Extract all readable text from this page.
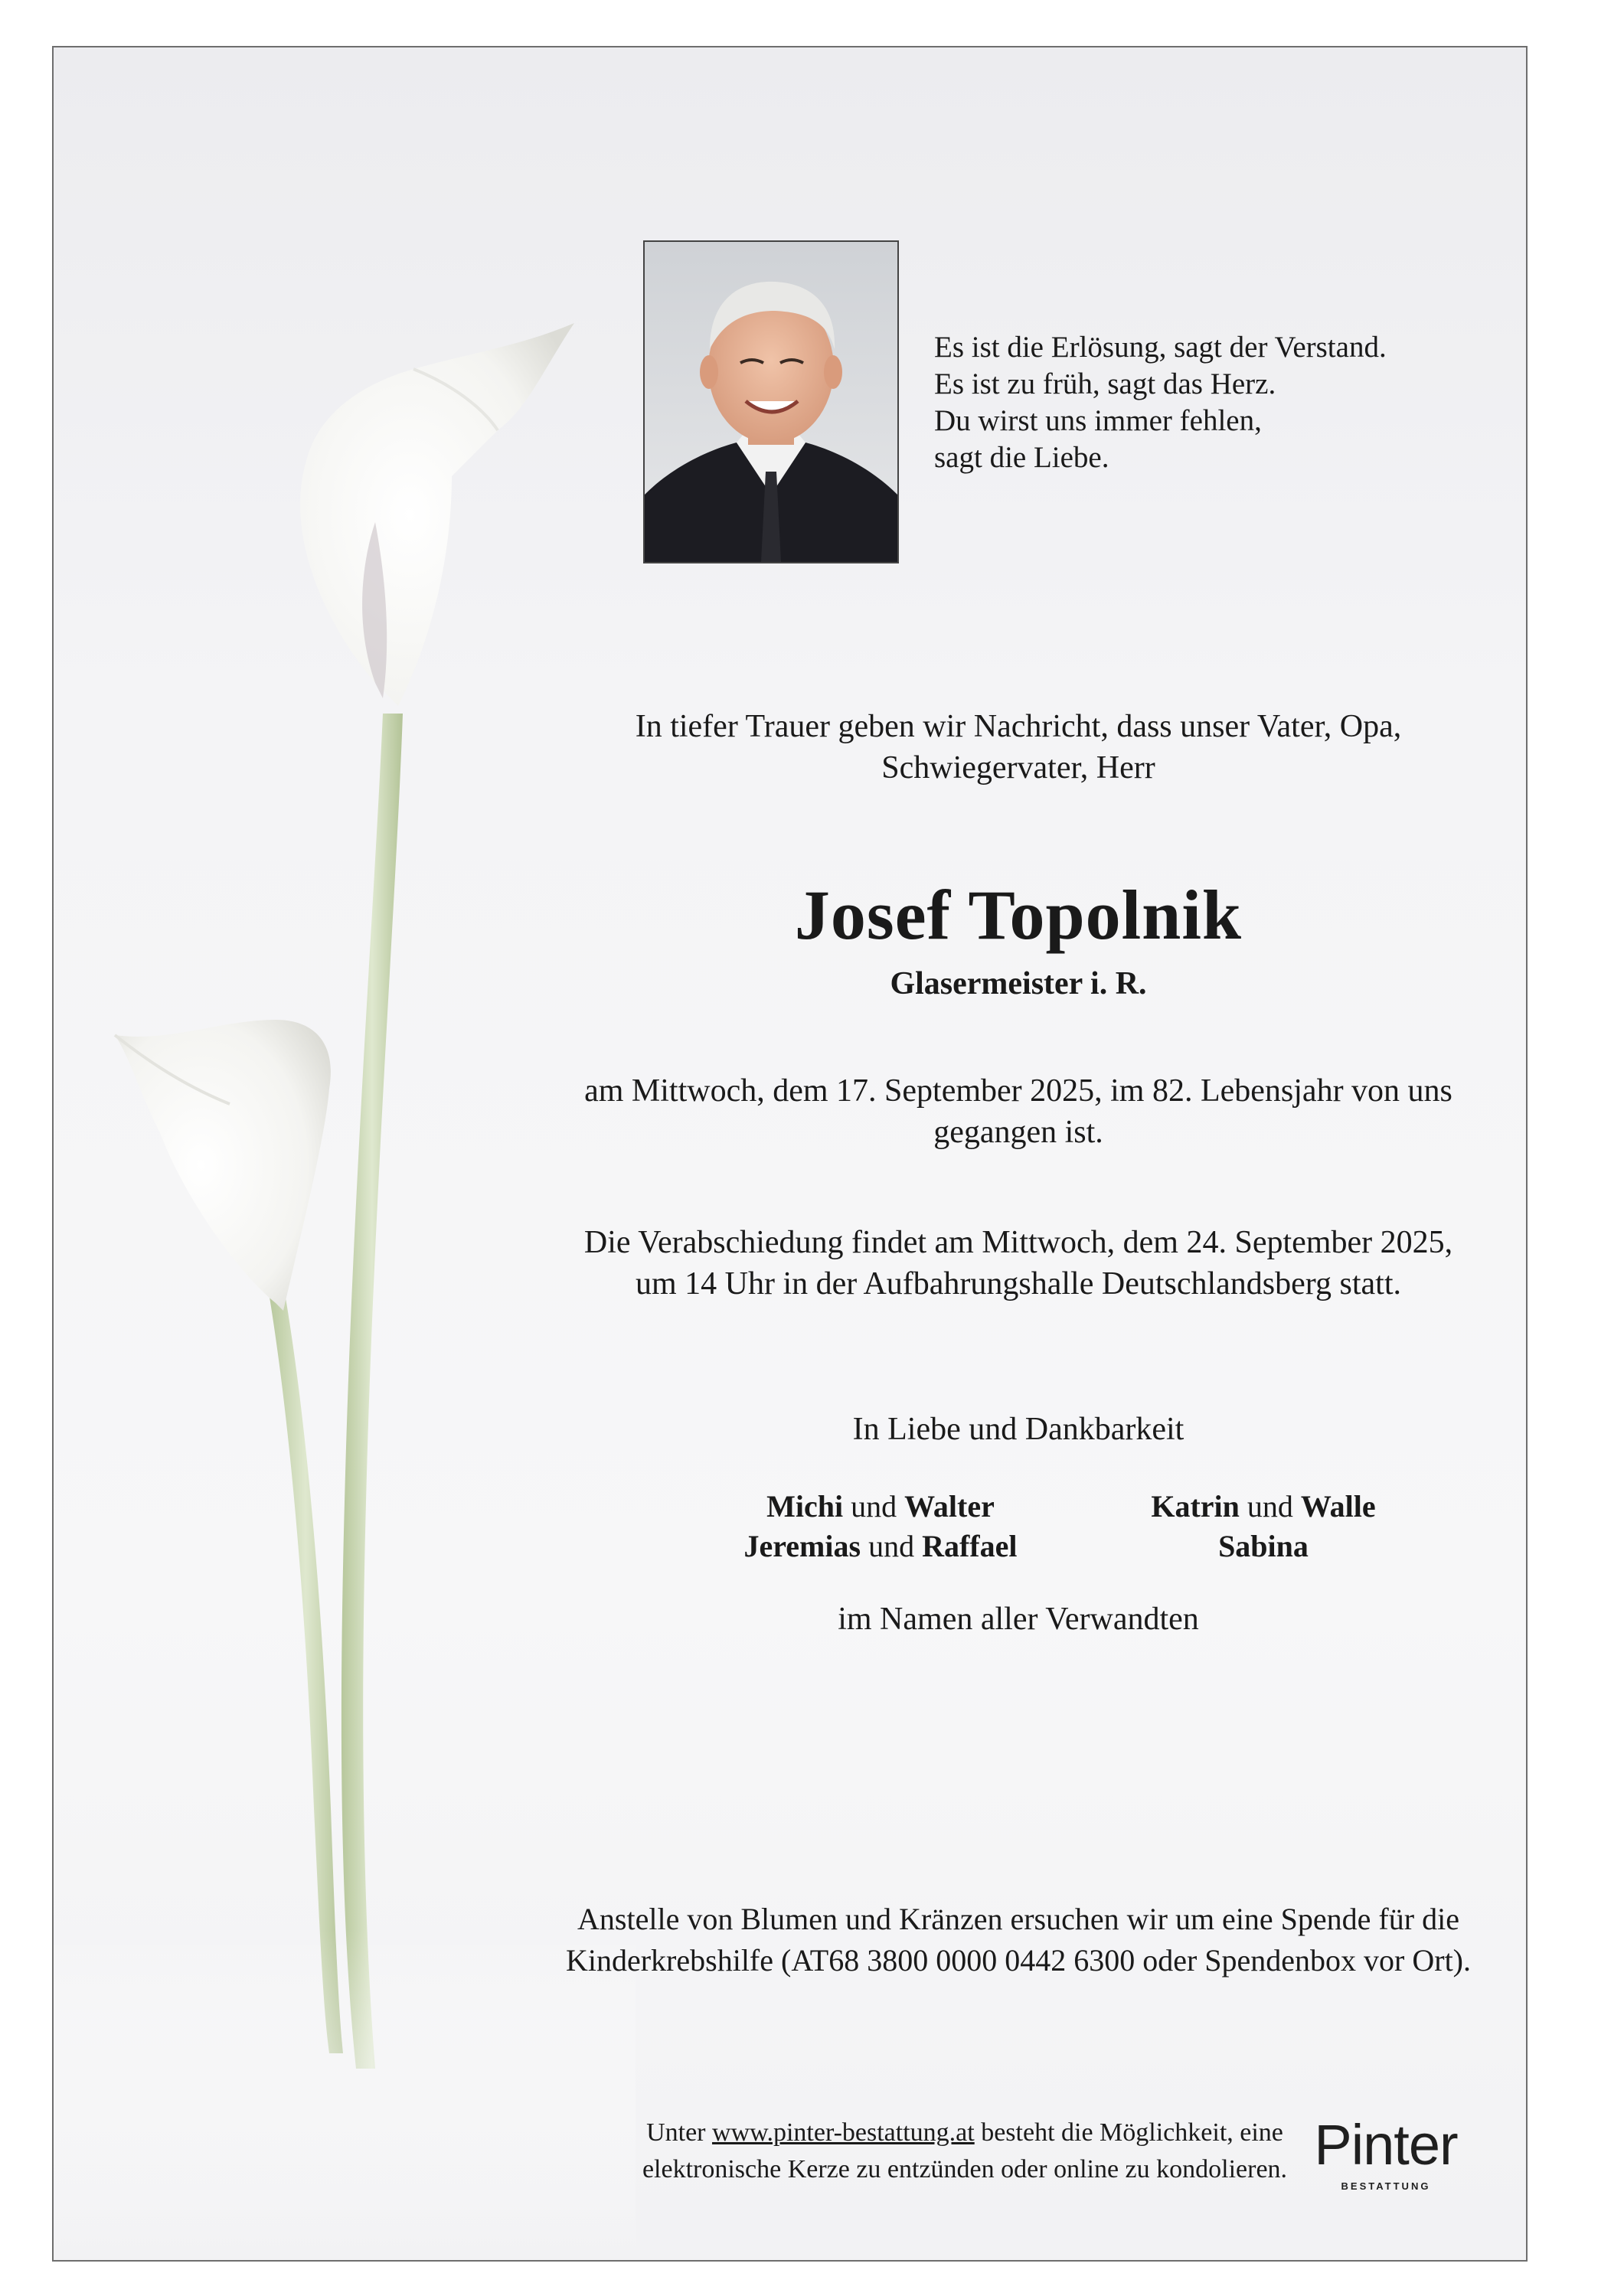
Es ist die Erlösung, sagt der Verstand.
Es ist zu früh, sagt das Herz.
Du wirst uns immer fehlen,
sagt die Liebe.
In tiefer Trauer geben wir Nachricht, dass unser Vater, Opa,
Schwiegervater, Herr
Josef Topolnik
Glasermeister i. R.
am Mittwoch, dem 17. September 2025, im 82. Lebensjahr von uns
gegangen ist.
Die Verabschiedung findet am Mittwoch, dem 24. September 2025,
um 14 Uhr in der Aufbahrungshalle Deutschlandsberg statt.
In Liebe und Dankbarkeit
Michi und Walter
Jeremias und Raffael
Katrin und Walle
Sabina
im Namen aller Verwandten
Anstelle von Blumen und Kränzen ersuchen wir um eine Spende für die
Kinderkrebshilfe (AT68 3800 0000 0442 6300 oder Spendenbox vor Ort).
Unter www.pinter-bestattung.at besteht die Möglichkeit, eine
elektronische Kerze zu entzünden oder online zu kondolieren. Pinter
BESTATTUNG
